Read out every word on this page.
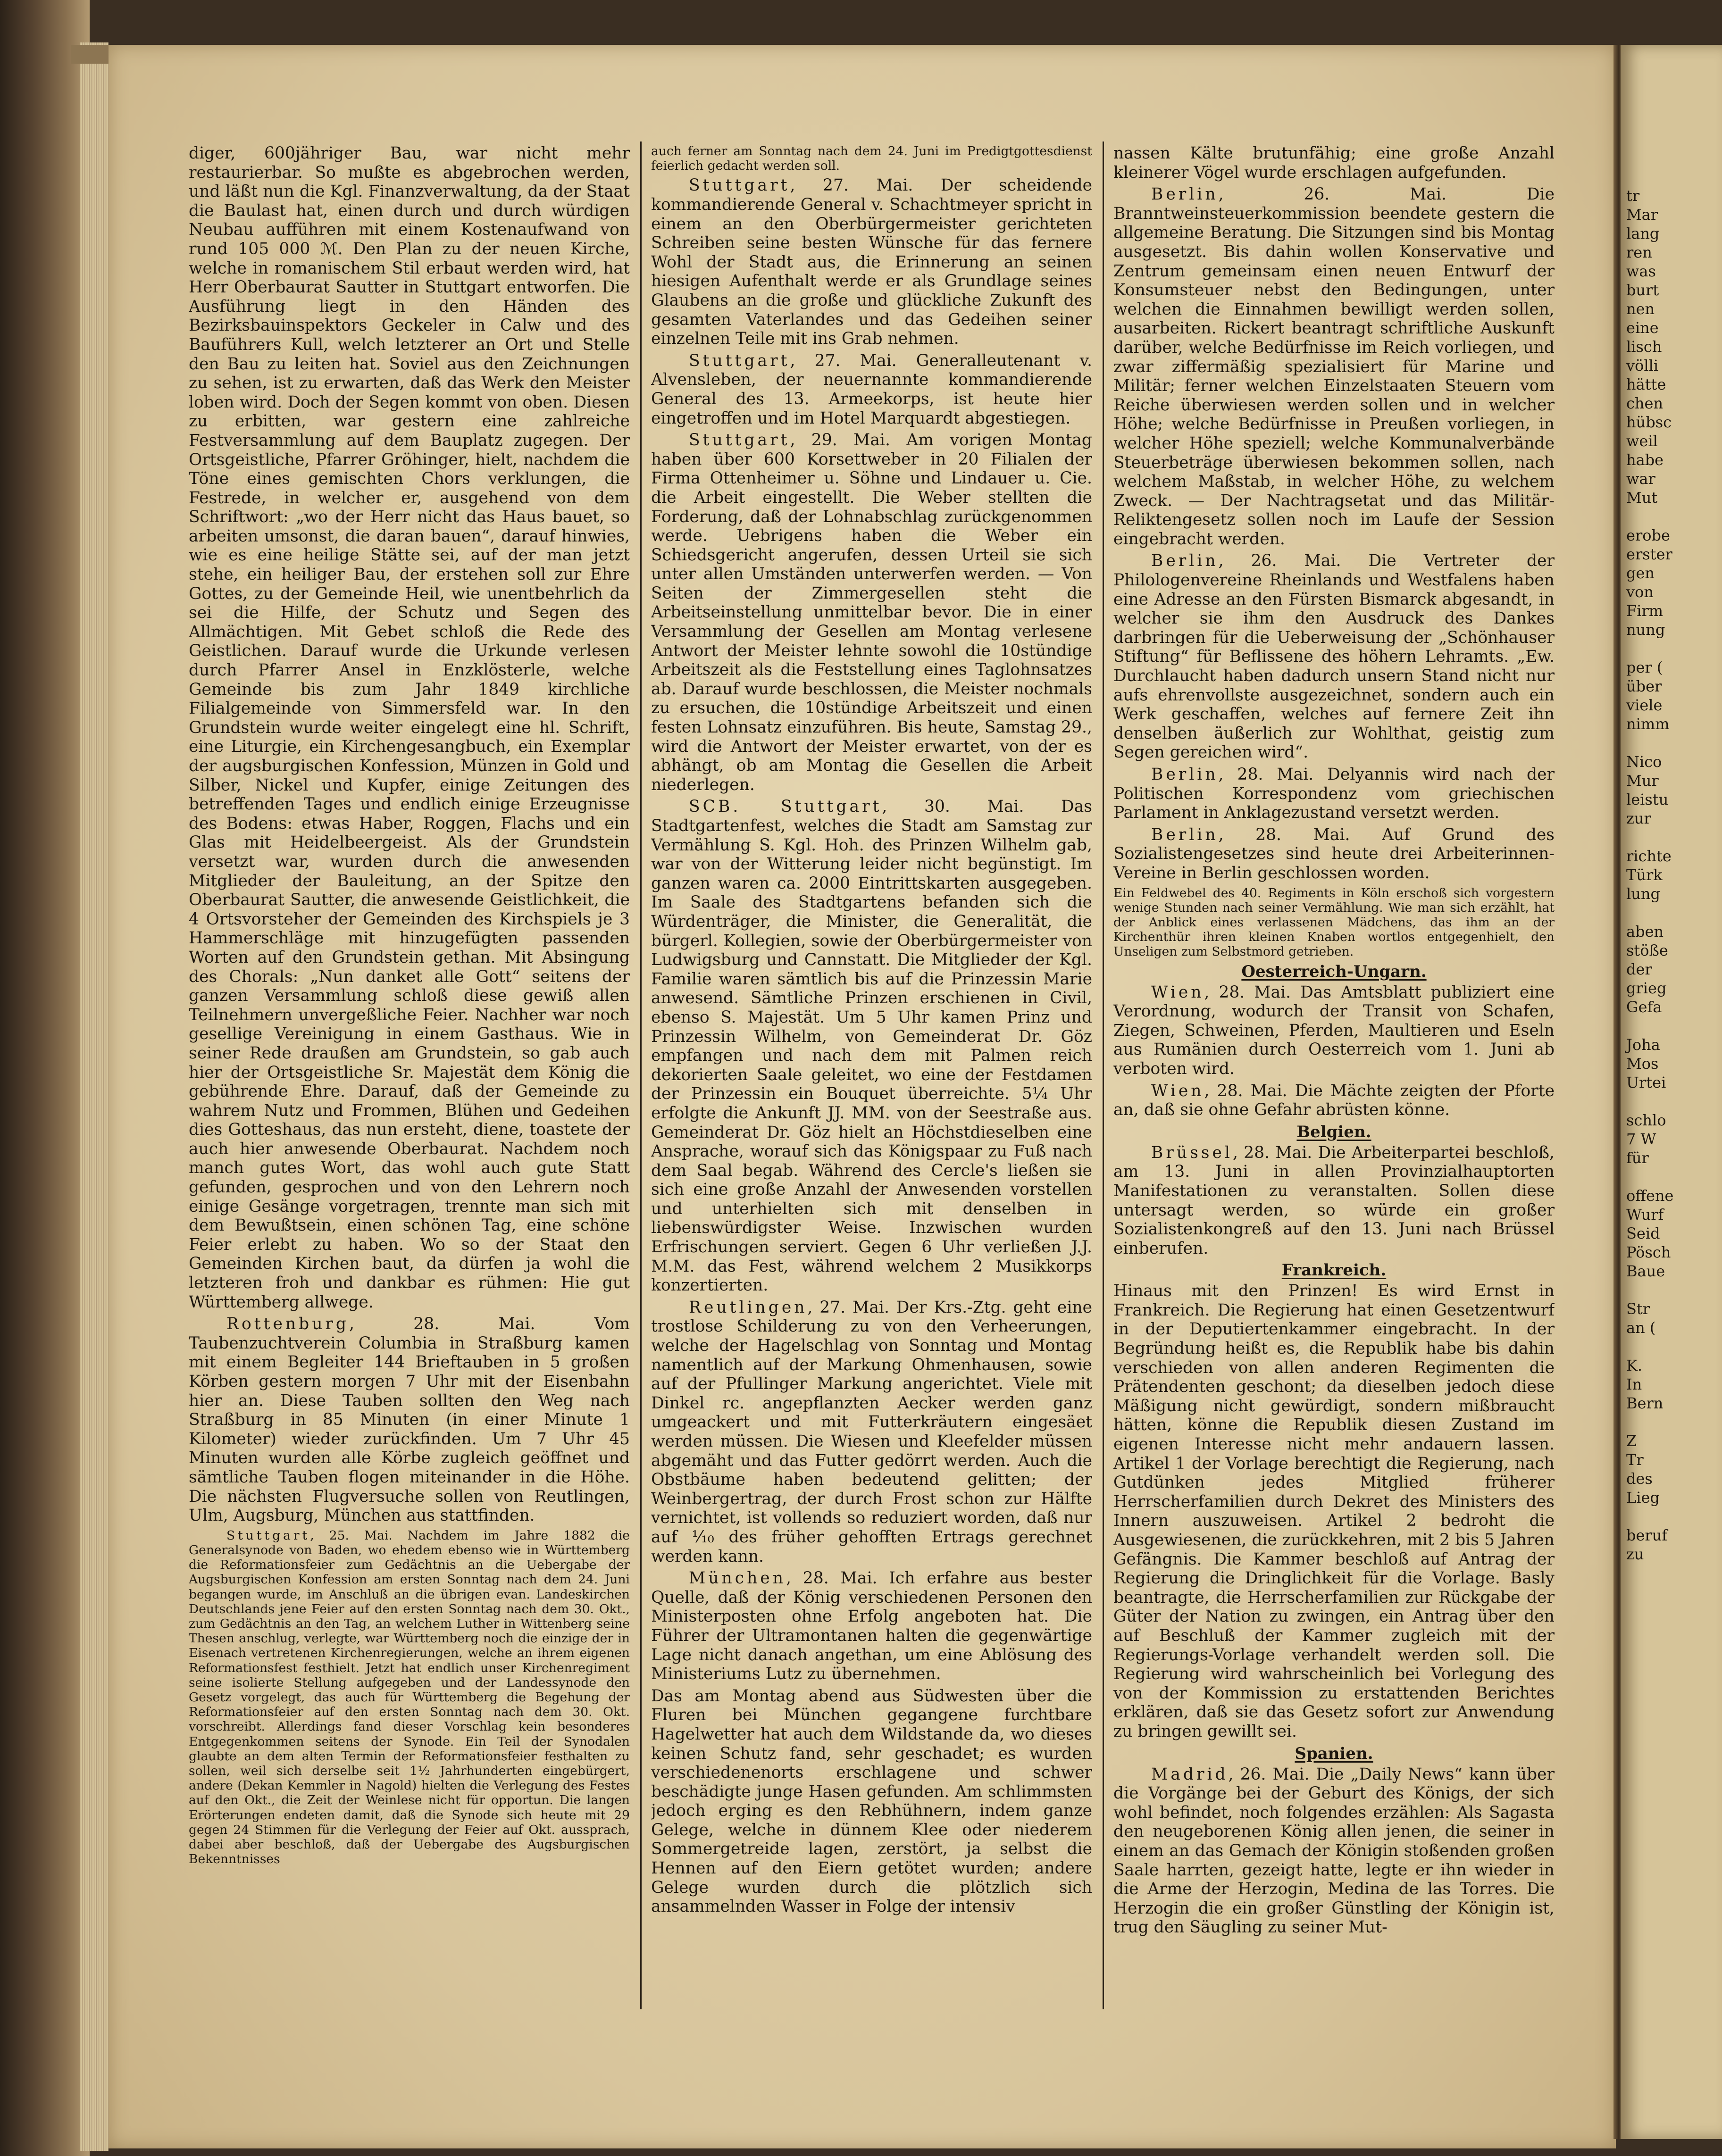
tr
Mar
lang
ren
was
burt
nen
eine
lisch
völli
hätte
chen
hübsc
weil
habe
war
Mut

erobe
erster
gen
von
Firm
nung

per (
über
viele
nimm

Nico
Mur
leistu
zur

richte
Türk
lung

aben
stöße
der
grieg
Gefa

Joha
Mos
Urtei

schlo
7 W
für

offene
Wurf
Seid
Pösch
Baue

Str
an (

K.
In
Bern

Z
Tr
des
Lieg

beruf
zu

diger, 600jähriger Bau, war nicht mehr restaurierbar. So mußte es abgebrochen werden, und läßt nun die Kgl. Finanzverwaltung, da der Staat die Baulast hat, einen durch und durch würdigen Neubau aufführen mit einem Kostenaufwand von rund 105 000 ℳ. Den Plan zu der neuen Kirche, welche in romanischem Stil erbaut werden wird, hat Herr Oberbaurat Sautter in Stuttgart entworfen. Die Ausführung liegt in den Händen des Bezirksbauinspektors Geckeler in Calw und des Bauführers Kull, welch letzterer an Ort und Stelle den Bau zu leiten hat. Soviel aus den Zeichnungen zu sehen, ist zu erwarten, daß das Werk den Meister loben wird. Doch der Segen kommt von oben. Diesen zu erbitten, war gestern eine zahlreiche Festversammlung auf dem Bauplatz zugegen. Der Ortsgeistliche, Pfarrer Gröhinger, hielt, nachdem die Töne eines gemischten Chors verklungen, die Festrede, in welcher er, ausgehend von dem Schriftwort: „wo der Herr nicht das Haus bauet, so arbeiten umsonst, die daran bauen“, darauf hinwies, wie es eine heilige Stätte sei, auf der man jetzt stehe, ein heiliger Bau, der erstehen soll zur Ehre Gottes, zu der Gemeinde Heil, wie unentbehrlich da sei die Hilfe, der Schutz und Segen des Allmächtigen. Mit Gebet schloß die Rede des Geistlichen. Darauf wurde die Urkunde verlesen durch Pfarrer Ansel in Enzklösterle, welche Gemeinde bis zum Jahr 1849 kirchliche Filialgemeinde von Simmersfeld war. In den Grundstein wurde weiter eingelegt eine hl. Schrift, eine Liturgie, ein Kirchengesangbuch, ein Exemplar der augsburgischen Konfession, Münzen in Gold und Silber, Nickel und Kupfer, einige Zeitungen des betreffenden Tages und endlich einige Erzeugnisse des Bodens: etwas Haber, Roggen, Flachs und ein Glas mit Heidelbeergeist. Als der Grundstein versetzt war, wurden durch die anwesenden Mitglieder der Bauleitung, an der Spitze den Oberbaurat Sautter, die anwesende Geistlichkeit, die 4 Ortsvorsteher der Gemeinden des Kirchspiels je 3 Hammerschläge mit hinzugefügten passenden Worten auf den Grundstein gethan. Mit Absingung des Chorals: „Nun danket alle Gott“ seitens der ganzen Versammlung schloß diese gewiß allen Teilnehmern unvergeßliche Feier. Nachher war noch gesellige Vereinigung in einem Gasthaus. Wie in seiner Rede draußen am Grundstein, so gab auch hier der Ortsgeistliche Sr. Majestät dem König die gebührende Ehre. Darauf, daß der Gemeinde zu wahrem Nutz und Frommen, Blühen und Gedeihen dies Gotteshaus, das nun ersteht, diene, toastete der auch hier anwesende Oberbaurat. Nachdem noch manch gutes Wort, das wohl auch gute Statt gefunden, gesprochen und von den Lehrern noch einige Gesänge vorgetragen, trennte man sich mit dem Bewußtsein, einen schönen Tag, eine schöne Feier erlebt zu haben. Wo so der Staat den Gemeinden Kirchen baut, da dürfen ja wohl die letzteren froh und dankbar es rühmen: Hie gut Württemberg allwege.

Rottenburg, 28. Mai. Vom Taubenzuchtverein Columbia in Straßburg kamen mit einem Begleiter 144 Brieftauben in 5 großen Körben gestern morgen 7 Uhr mit der Eisenbahn hier an. Diese Tauben sollten den Weg nach Straßburg in 85 Minuten (in einer Minute 1 Kilometer) wieder zurückfinden. Um 7 Uhr 45 Minuten wurden alle Körbe zugleich geöffnet und sämtliche Tauben flogen miteinander in die Höhe. Die nächsten Flugversuche sollen von Reutlingen, Ulm, Augsburg, München aus stattfinden.

Stuttgart, 25. Mai. Nachdem im Jahre 1882 die Generalsynode von Baden, wo ehedem ebenso wie in Württemberg die Reformationsfeier zum Gedächtnis an die Uebergabe der Augsburgischen Konfession am ersten Sonntag nach dem 24. Juni begangen wurde, im Anschluß an die übrigen evan. Landeskirchen Deutschlands jene Feier auf den ersten Sonntag nach dem 30. Okt., zum Gedächtnis an den Tag, an welchem Luther in Wittenberg seine Thesen anschlug, verlegte, war Württemberg noch die einzige der in Eisenach vertretenen Kirchenregierungen, welche an ihrem eigenen Reformationsfest festhielt. Jetzt hat endlich unser Kirchenregiment seine isolierte Stellung aufgegeben und der Landessynode den Gesetz vorgelegt, das auch für Württemberg die Begehung der Reformationsfeier auf den ersten Sonntag nach dem 30. Okt. vorschreibt. Allerdings fand dieser Vorschlag kein besonderes Entgegenkommen seitens der Synode. Ein Teil der Synodalen glaubte an dem alten Termin der Reformationsfeier festhalten zu sollen, weil sich derselbe seit 1½ Jahrhunderten eingebürgert, andere (Dekan Kemmler in Nagold) hielten die Verlegung des Festes auf den Okt., die Zeit der Weinlese nicht für opportun. Die langen Erörterungen endeten damit, daß die Synode sich heute mit 29 gegen 24 Stimmen für die Verlegung der Feier auf Okt. aussprach, dabei aber beschloß, daß der Uebergabe des Augsburgischen Bekenntnisses

auch ferner am Sonntag nach dem 24. Juni im Predigtgottesdienst feierlich gedacht werden soll.

Stuttgart, 27. Mai. Der scheidende kommandierende General v. Schachtmeyer spricht in einem an den Oberbürgermeister gerichteten Schreiben seine besten Wünsche für das fernere Wohl der Stadt aus, die Erinnerung an seinen hiesigen Aufenthalt werde er als Grundlage seines Glaubens an die große und glückliche Zukunft des gesamten Vaterlandes und das Gedeihen seiner einzelnen Teile mit ins Grab nehmen.

Stuttgart, 27. Mai. Generalleutenant v. Alvensleben, der neuernannte kommandierende General des 13. Armeekorps, ist heute hier eingetroffen und im Hotel Marquardt abgestiegen.

Stuttgart, 29. Mai. Am vorigen Montag haben über 600 Korsettweber in 20 Filialen der Firma Ottenheimer u. Söhne und Lindauer u. Cie. die Arbeit eingestellt. Die Weber stellten die Forderung, daß der Lohnabschlag zurückgenommen werde. Uebrigens haben die Weber ein Schiedsgericht angerufen, dessen Urteil sie sich unter allen Umständen unterwerfen werden. — Von Seiten der Zimmergesellen steht die Arbeitseinstellung unmittelbar bevor. Die in einer Versammlung der Gesellen am Montag verlesene Antwort der Meister lehnte sowohl die 10stündige Arbeitszeit als die Feststellung eines Taglohnsatzes ab. Darauf wurde beschlossen, die Meister nochmals zu ersuchen, die 10stündige Arbeitszeit und einen festen Lohnsatz einzuführen. Bis heute, Samstag 29., wird die Antwort der Meister erwartet, von der es abhängt, ob am Montag die Gesellen die Arbeit niederlegen.

SCB. Stuttgart, 30. Mai. Das Stadtgartenfest, welches die Stadt am Samstag zur Vermählung S. Kgl. Hoh. des Prinzen Wilhelm gab, war von der Witterung leider nicht begünstigt. Im ganzen waren ca. 2000 Eintrittskarten ausgegeben. Im Saale des Stadtgartens befanden sich die Würdenträger, die Minister, die Generalität, die bürgerl. Kollegien, sowie der Oberbürgermeister von Ludwigsburg und Cannstatt. Die Mitglieder der Kgl. Familie waren sämtlich bis auf die Prinzessin Marie anwesend. Sämtliche Prinzen erschienen in Civil, ebenso S. Majestät. Um 5 Uhr kamen Prinz und Prinzessin Wilhelm, von Gemeinderat Dr. Göz empfangen und nach dem mit Palmen reich dekorierten Saale geleitet, wo eine der Festdamen der Prinzessin ein Bouquet überreichte. 5¼ Uhr erfolgte die Ankunft JJ. MM. von der Seestraße aus. Gemeinderat Dr. Göz hielt an Höchstdieselben eine Ansprache, worauf sich das Königspaar zu Fuß nach dem Saal begab. Während des Cercle's ließen sie sich eine große Anzahl der Anwesenden vorstellen und unterhielten sich mit denselben in liebenswürdigster Weise. Inzwischen wurden Erfrischungen serviert. Gegen 6 Uhr verließen J.J. M.M. das Fest, während welchem 2 Musikkorps konzertierten.

Reutlingen, 27. Mai. Der Krs.-Ztg. geht eine trostlose Schilderung zu von den Verheerungen, welche der Hagelschlag von Sonntag und Montag namentlich auf der Markung Ohmenhausen, sowie auf der Pfullinger Markung angerichtet. Viele mit Dinkel rc. angepflanzten Aecker werden ganz umgeackert und mit Futterkräutern eingesäet werden müssen. Die Wiesen und Kleefelder müssen abgemäht und das Futter gedörrt werden. Auch die Obstbäume haben bedeutend gelitten; der Weinbergertrag, der durch Frost schon zur Hälfte vernichtet, ist vollends so reduziert worden, daß nur auf ⅟₁₀ des früher gehofften Ertrags gerechnet werden kann.

München, 28. Mai. Ich erfahre aus bester Quelle, daß der König verschiedenen Personen den Ministerposten ohne Erfolg angeboten hat. Die Führer der Ultramontanen halten die gegenwärtige Lage nicht danach angethan, um eine Ablösung des Ministeriums Lutz zu übernehmen.

Das am Montag abend aus Südwesten über die Fluren bei München gegangene furchtbare Hagelwetter hat auch dem Wildstande da, wo dieses keinen Schutz fand, sehr geschadet; es wurden verschiedenenorts erschlagene und schwer beschädigte junge Hasen gefunden. Am schlimmsten jedoch erging es den Rebhühnern, indem ganze Gelege, welche in dünnem Klee oder niederem Sommergetreide lagen, zerstört, ja selbst die Hennen auf den Eiern getötet wurden; andere Gelege wurden durch die plötzlich sich ansammelnden Wasser in Folge der intensiv

nassen Kälte brutunfähig; eine große Anzahl kleinerer Vögel wurde erschlagen aufgefunden.

Berlin, 26. Mai. Die Branntweinsteuerkommission beendete gestern die allgemeine Beratung. Die Sitzungen sind bis Montag ausgesetzt. Bis dahin wollen Konservative und Zentrum gemeinsam einen neuen Entwurf der Konsumsteuer nebst den Bedingungen, unter welchen die Einnahmen bewilligt werden sollen, ausarbeiten. Rickert beantragt schriftliche Auskunft darüber, welche Bedürfnisse im Reich vorliegen, und zwar ziffermäßig spezialisiert für Marine und Militär; ferner welchen Einzelstaaten Steuern vom Reiche überwiesen werden sollen und in welcher Höhe; welche Bedürfnisse in Preußen vorliegen, in welcher Höhe speziell; welche Kommunalverbände Steuerbeträge überwiesen bekommen sollen, nach welchem Maßstab, in welcher Höhe, zu welchem Zweck. — Der Nachtragsetat und das Militär-Reliktengesetz sollen noch im Laufe der Session eingebracht werden.

Berlin, 26. Mai. Die Vertreter der Philologenvereine Rheinlands und Westfalens haben eine Adresse an den Fürsten Bismarck abgesandt, in welcher sie ihm den Ausdruck des Dankes darbringen für die Ueberweisung der „Schönhauser Stiftung“ für Beflissene des höhern Lehramts. „Ew. Durchlaucht haben dadurch unsern Stand nicht nur aufs ehrenvollste ausgezeichnet, sondern auch ein Werk geschaffen, welches auf fernere Zeit ihn denselben äußerlich zur Wohlthat, geistig zum Segen gereichen wird“.

Berlin, 28. Mai. Delyannis wird nach der Politischen Korrespondenz vom griechischen Parlament in Anklagezustand versetzt werden.

Berlin, 28. Mai. Auf Grund des Sozialistengesetzes sind heute drei Arbeiterinnen-Vereine in Berlin geschlossen worden.

Ein Feldwebel des 40. Regiments in Köln erschoß sich vorgestern wenige Stunden nach seiner Vermählung. Wie man sich erzählt, hat der Anblick eines verlassenen Mädchens, das ihm an der Kirchenthür ihren kleinen Knaben wortlos entgegenhielt, den Unseligen zum Selbstmord getrieben.

Oesterreich-Ungarn.

Wien, 28. Mai. Das Amtsblatt publiziert eine Verordnung, wodurch der Transit von Schafen, Ziegen, Schweinen, Pferden, Maultieren und Eseln aus Rumänien durch Oesterreich vom 1. Juni ab verboten wird.

Wien, 28. Mai. Die Mächte zeigten der Pforte an, daß sie ohne Gefahr abrüsten könne.

Belgien.

Brüssel, 28. Mai. Die Arbeiterpartei beschloß, am 13. Juni in allen Provinzialhauptorten Manifestationen zu veranstalten. Sollen diese untersagt werden, so würde ein großer Sozialistenkongreß auf den 13. Juni nach Brüssel einberufen.

Frankreich.

Hinaus mit den Prinzen! Es wird Ernst in Frankreich. Die Regierung hat einen Gesetzentwurf in der Deputiertenkammer eingebracht. In der Begründung heißt es, die Republik habe bis dahin verschieden von allen anderen Regimenten die Prätendenten geschont; da dieselben jedoch diese Mäßigung nicht gewürdigt, sondern mißbraucht hätten, könne die Republik diesen Zustand im eigenen Interesse nicht mehr andauern lassen. Artikel 1 der Vorlage berechtigt die Regierung, nach Gutdünken jedes Mitglied früherer Herrscherfamilien durch Dekret des Ministers des Innern auszuweisen. Artikel 2 bedroht die Ausgewiesenen, die zurückkehren, mit 2 bis 5 Jahren Gefängnis. Die Kammer beschloß auf Antrag der Regierung die Dringlichkeit für die Vorlage. Basly beantragte, die Herrscherfamilien zur Rückgabe der Güter der Nation zu zwingen, ein Antrag über den auf Beschluß der Kammer zugleich mit der Regierungs-Vorlage verhandelt werden soll. Die Regierung wird wahrscheinlich bei Vorlegung des von der Kommission zu erstattenden Berichtes erklären, daß sie das Gesetz sofort zur Anwendung zu bringen gewillt sei.

Spanien.

Madrid, 26. Mai. Die „Daily News“ kann über die Vorgänge bei der Geburt des Königs, der sich wohl befindet, noch folgendes erzählen: Als Sagasta den neugeborenen König allen jenen, die seiner in einem an das Gemach der Königin stoßenden großen Saale harrten, gezeigt hatte, legte er ihn wieder in die Arme der Herzogin, Medina de las Torres. Die Herzogin die ein großer Günstling der Königin ist, trug den Säugling zu seiner Mut-
